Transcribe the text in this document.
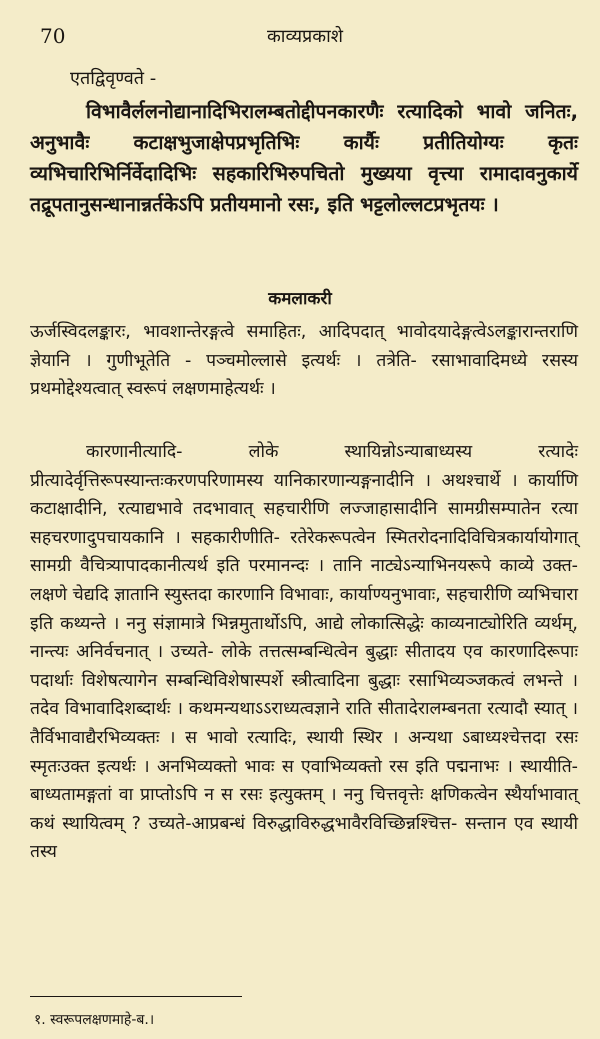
70	काव्यप्रकाशे
एतद्विवृण्वते -
विभावैर्ललनोद्यानादिभिरालम्बतोद्दीपनकारणैः रत्यादिको भावो जनितः, अनुभावैः कटाक्षभुजाक्षेपप्रभृतिभिः कार्यैः प्रतीतियोग्यः कृतः व्यभिचारिभिर्निर्वेदादिभिः सहकारिभिरुपचितो मुख्यया वृत्त्या रामादावनुकार्ये तद्रूपतानुसन्धानान्नर्तकेऽपि प्रतीयमानो रसः, इति भट्टलोल्लटप्रभृतयः ।
कमलाकरी
ऊर्जस्विदलङ्कारः, भावशान्तेरङ्गत्वे समाहितः, आदिपदात् भावोदयादेङ्गत्वेऽलङ्कारान्तराणि ज्ञेयानि । गुणीभूतेति - पञ्चमोल्लासे इत्यर्थः । तत्रेति- रसाभावादिमध्ये रसस्य प्रथमोद्देश्यत्वात् स्वरूपं लक्षणमाहेत्यर्थः ।
कारणानीत्यादि- लोके स्थायिन्नोऽन्याबाध्यस्य रत्यादेः प्रीत्यादेर्वृत्तिरूपस्यान्तःकरणपरिणामस्य यानिकारणान्यङ्गनादीनि । अथश्चार्थे । कार्याणि कटाक्षादीनि, रत्याद्यभावे तदभावात् सहचारीणि लज्जाहासादीनि सामग्रीसम्पातेन रत्या सहचरणादुपचायकानि । सहकारीणीति- रतेरेकरूपत्वेन स्मितरोदनादिविचित्रकार्यायोगात् सामग्री वैचित्र्यापादकानीत्यर्थ इति परमानन्दः । तानि नाट्येऽन्याभिनयरूपे काव्ये उक्त-लक्षणे चेद्यदि ज्ञातानि स्युस्तदा कारणानि विभावाः, कार्याण्यनुभावाः, सहचारीणि व्यभिचारा इति कथ्यन्ते । ननु संज्ञामात्रे भिन्नमुतार्थोऽपि, आद्ये लोकात्सिद्धेः काव्यनाट्योरिति व्यर्थम्, नान्त्यः अनिर्वचनात् । उच्यते- लोके तत्तत्सम्बन्धित्वेन बुद्धाः सीतादय एव कारणादिरूपाः पदार्थाः विशेषत्यागेन सम्बन्धिविशेषास्पर्शे स्त्रीत्वादिना बुद्धाः रसाभिव्यञ्जकत्वं लभन्ते । तदेव विभावादिशब्दार्थः । कथमन्यथाऽऽराध्यत्वज्ञाने राति सीतादेरालम्बनता रत्यादौ स्यात् । तैर्विभावाद्यैरभिव्यक्तः । स भावो रत्यादिः, स्थायी स्थिर । अन्यथा ऽबाध्यश्चेत्तदा रसः स्मृतःउक्त इत्यर्थः । अनभिव्यक्तो भावः स एवाभिव्यक्तो रस इति पद्मनाभः । स्थायीति-बाध्यतामङ्गतां वा प्राप्तोऽपि न स रसः इत्युक्तम् । ननु चित्तवृत्तेः क्षणिकत्वेन स्थैर्याभावात् कथं स्थायित्वम् ? उच्यते-आप्रबन्धं विरुद्धाविरुद्धभावैरविच्छिन्नश्चित्त- सन्तान एव स्थायी तस्य
१. स्वरूपलक्षणमाहे-ब.।
